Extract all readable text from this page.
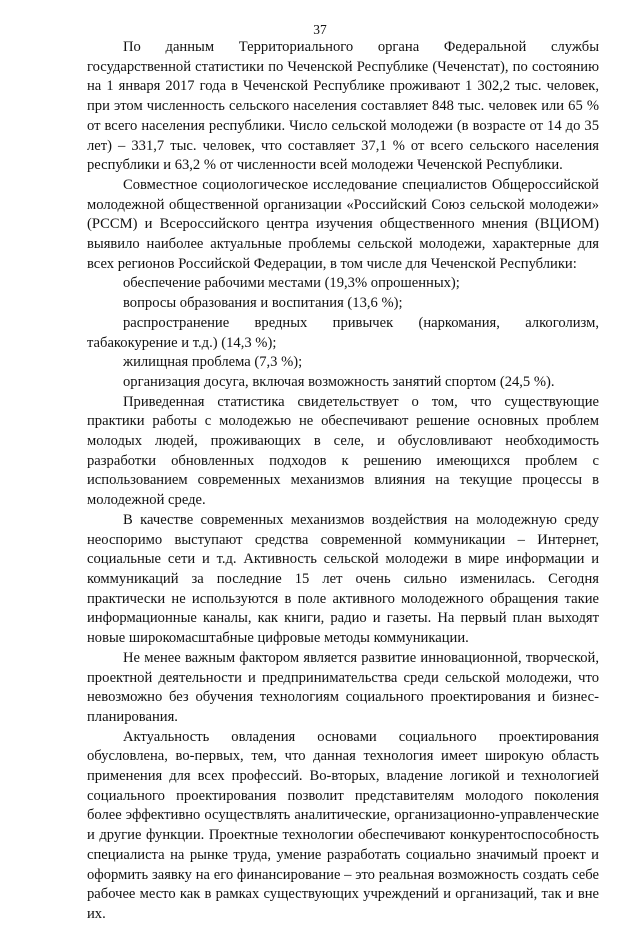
37

По данным Территориального органа Федеральной службы государственной статистики по Чеченской Республике (Чеченстат), по состоянию на 1 января 2017 года в Чеченской Республике проживают 1 302,2 тыс. человек, при этом численность сельского населения составляет 848 тыс. человек или 65 % от всего населения республики. Число сельской молодежи (в возрасте от 14 до 35 лет) – 331,7 тыс. человек, что составляет 37,1 % от всего сельского населения республики и 63,2 % от численности всей молодежи Чеченской Республики.

Совместное социологическое исследование специалистов Общероссийской молодежной общественной организации «Российский Союз сельской молодежи» (РССМ) и Всероссийского центра изучения общественного мнения (ВЦИОМ) выявило наиболее актуальные проблемы сельской молодежи, характерные для всех регионов Российской Федерации, в том числе для Чеченской Республики:

обеспечение рабочими местами (19,3% опрошенных);

вопросы образования и воспитания (13,6 %);

распространение вредных привычек (наркомания, алкоголизм, табакокурение и т.д.) (14,3 %);

жилищная проблема (7,3 %);

организация досуга, включая возможность занятий спортом (24,5 %).

Приведенная статистика свидетельствует о том, что существующие практики работы с молодежью не обеспечивают решение основных проблем молодых людей, проживающих в селе, и обусловливают необходимость разработки обновленных подходов к решению имеющихся проблем с использованием современных механизмов влияния на текущие процессы в молодежной среде.

В качестве современных механизмов воздействия на молодежную среду неоспоримо выступают средства современной коммуникации – Интернет, социальные сети и т.д. Активность сельской молодежи в мире информации и коммуникаций за последние 15 лет очень сильно изменилась. Сегодня практически не используются в поле активного молодежного обращения такие информационные каналы, как книги, радио и газеты. На первый план выходят новые широкомасштабные цифровые методы коммуникации.

Не менее важным фактором является развитие инновационной, творческой, проектной деятельности и предпринимательства среди сельской молодежи, что невозможно без обучения технологиям социального проектирования и бизнес-планирования.

Актуальность овладения основами социального проектирования обусловлена, во-первых, тем, что данная технология имеет широкую область применения для всех профессий. Во-вторых, владение логикой и технологией социального проектирования позволит представителям молодого поколения более эффективно осуществлять аналитические, организационно-управленческие и другие функции. Проектные технологии обеспечивают конкурентоспособность специалиста на рынке труда, умение разработать социально значимый проект и оформить заявку на его финансирование – это реальная возможность создать себе рабочее место как в рамках существующих учреждений и организаций, так и вне их.
